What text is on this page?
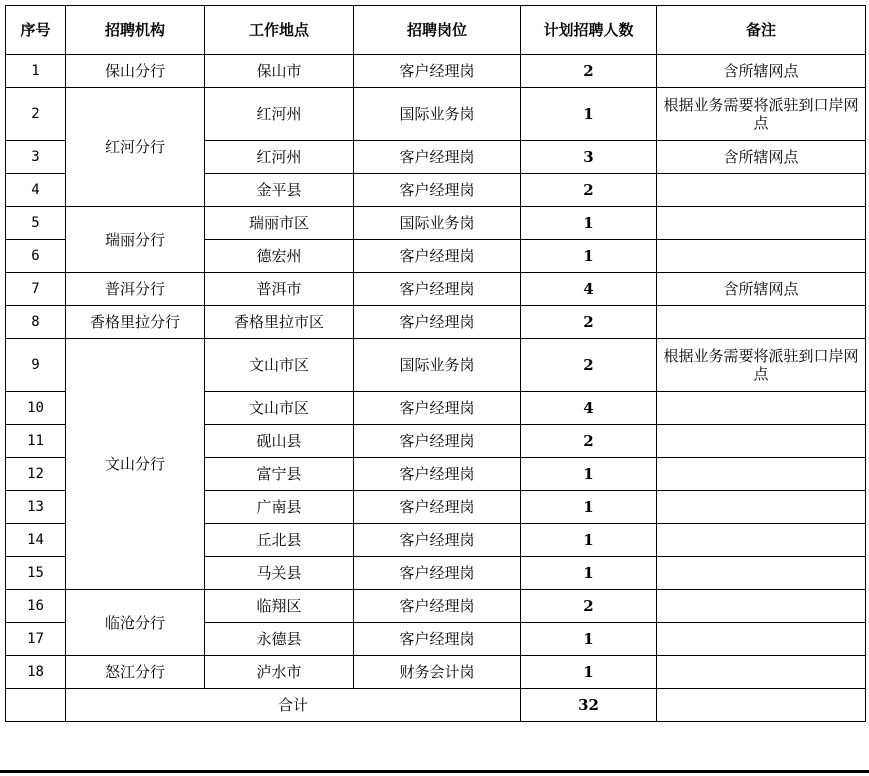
序号	招聘机构	工作地点	招聘岗位	计划招聘人数	备注
1	保山分行	保山市	客户经理岗	2	含所辖网点
2	红河分行	红河州	国际业务岗	1	根据业务需要将派驻到口岸网点
3		红河州	客户经理岗	3	含所辖网点
4		金平县	客户经理岗	2	
5	瑞丽分行	瑞丽市区	国际业务岗	1	
6		德宏州	客户经理岗	1	
7	普洱分行	普洱市	客户经理岗	4	含所辖网点
8	香格里拉分行	香格里拉市区	客户经理岗	2	
9	文山分行	文山市区	国际业务岗	2	根据业务需要将派驻到口岸网点
10		文山市区	客户经理岗	4	
11		砚山县	客户经理岗	2	
12		富宁县	客户经理岗	1	
13		广南县	客户经理岗	1	
14		丘北县	客户经理岗	1	
15		马关县	客户经理岗	1	
16	临沧分行	临翔区	客户经理岗	2	
17		永德县	客户经理岗	1	
18	怒江分行	泸水市	财务会计岗	1	
	合计			32	
